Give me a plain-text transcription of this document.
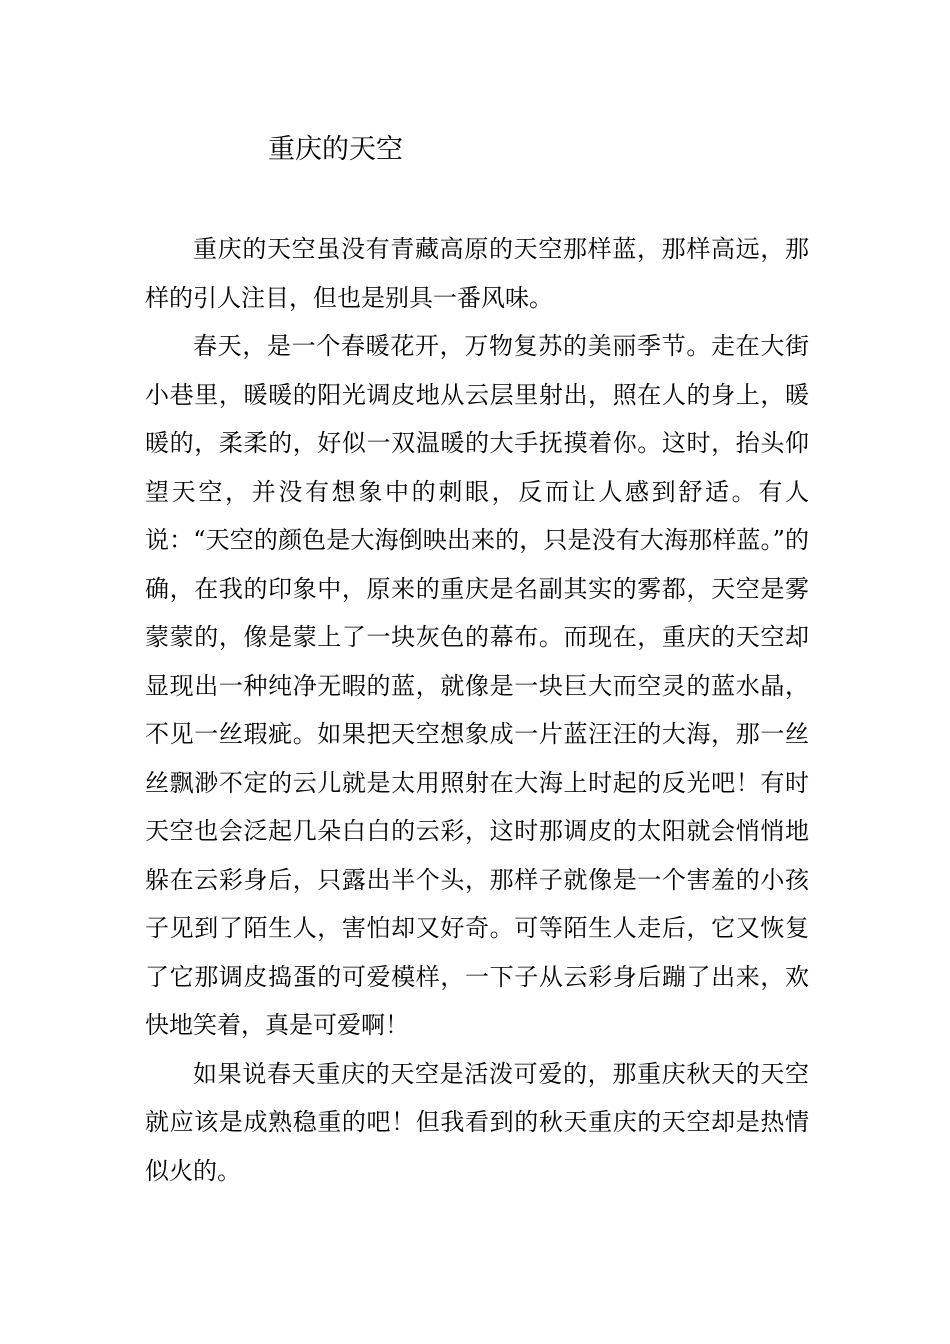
重庆的天空

重庆的天空虽没有青藏高原的天空那样蓝，那样高远，那样的引人注目，但也是别具一番风味。

春天，是一个春暖花开，万物复苏的美丽季节。走在大街小巷里，暖暖的阳光调皮地从云层里射出，照在人的身上，暖暖的，柔柔的，好似一双温暖的大手抚摸着你。这时，抬头仰望天空，并没有想象中的刺眼，反而让人感到舒适。有人说：“天空的颜色是大海倒映出来的，只是没有大海那样蓝。”的确，在我的印象中，原来的重庆是名副其实的雾都，天空是雾蒙蒙的，像是蒙上了一块灰色的幕布。而现在，重庆的天空却显现出一种纯净无暇的蓝，就像是一块巨大而空灵的蓝水晶，不见一丝瑕疵。如果把天空想象成一片蓝汪汪的大海，那一丝丝飘渺不定的云儿就是太用照射在大海上时起的反光吧！有时天空也会泛起几朵白白的云彩，这时那调皮的太阳就会悄悄地躲在云彩身后，只露出半个头，那样子就像是一个害羞的小孩子见到了陌生人，害怕却又好奇。可等陌生人走后，它又恢复了它那调皮捣蛋的可爱模样，一下子从云彩身后蹦了出来，欢快地笑着，真是可爱啊！

如果说春天重庆的天空是活泼可爱的，那重庆秋天的天空就应该是成熟稳重的吧！但我看到的秋天重庆的天空却是热情似火的。
